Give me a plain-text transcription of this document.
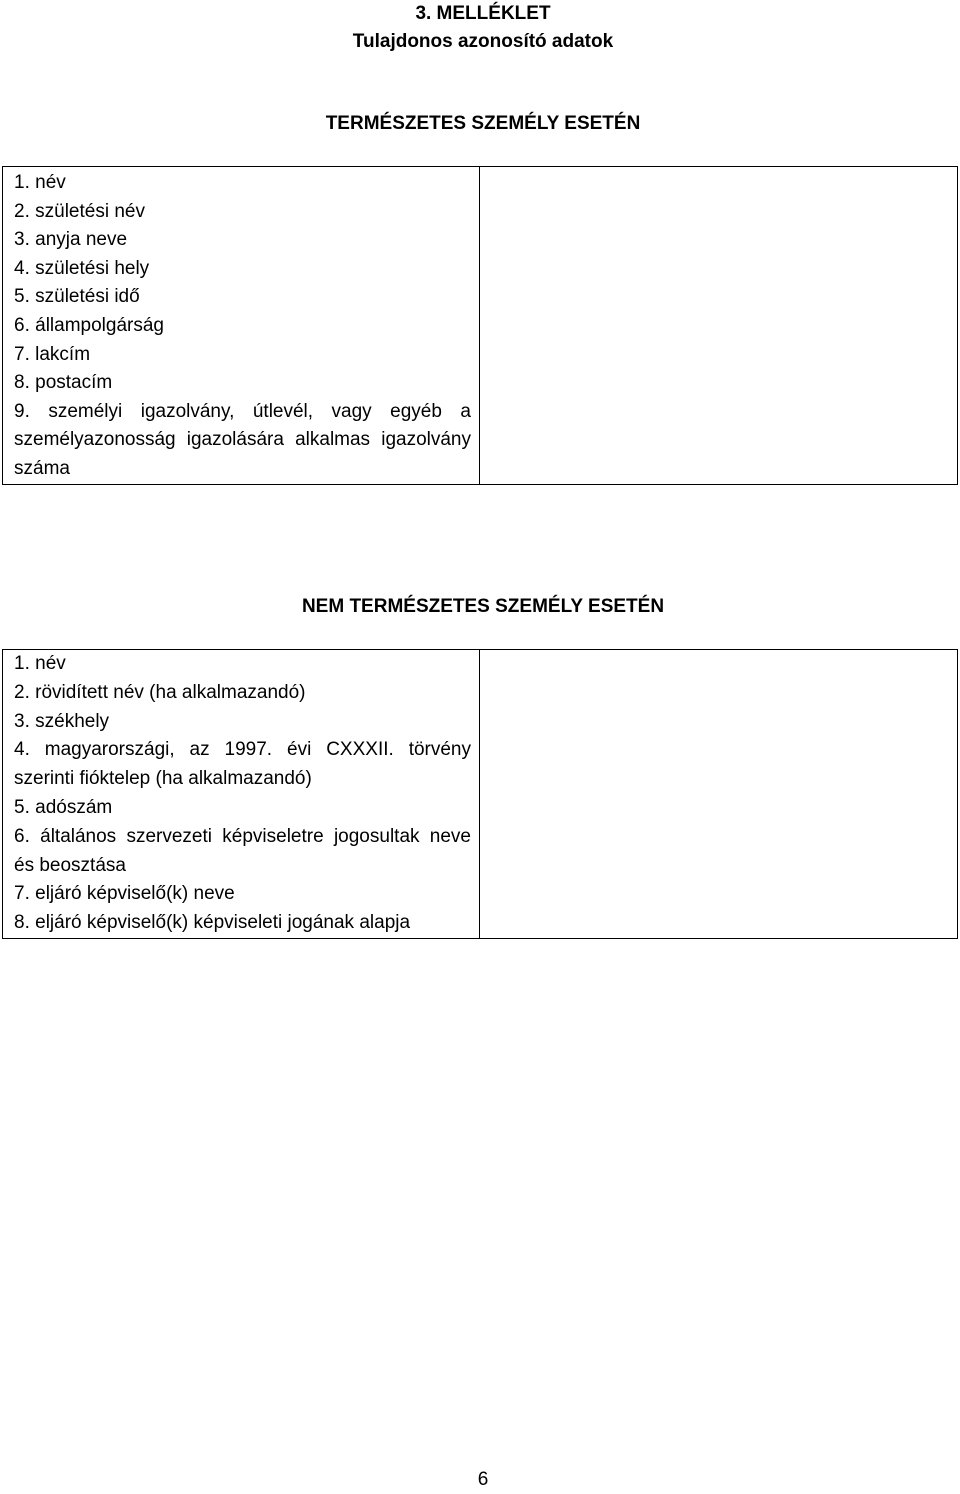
3. MELLÉKLET
Tulajdonos azonosító adatok
TERMÉSZETES SZEMÉLY ESETÉN
1. név
2. születési név
3. anyja neve
4. születési hely
5. születési idő
6. állampolgárság
7. lakcím
8. postacím
9. személyi igazolvány, útlevél, vagy egyéb a személyazonosság igazolására alkalmas igazolvány száma

NEM TERMÉSZETES SZEMÉLY ESETÉN
1. név
2. rövidített név (ha alkalmazandó)
3. székhely
4. magyarországi, az 1997. évi CXXXII. törvény szerinti fióktelep (ha alkalmazandó)
5. adószám
6. általános szervezeti képviseletre jogosultak neve és beosztása
7. eljáró képviselő(k) neve
8. eljáró képviselő(k) képviseleti jogának alapja

6
